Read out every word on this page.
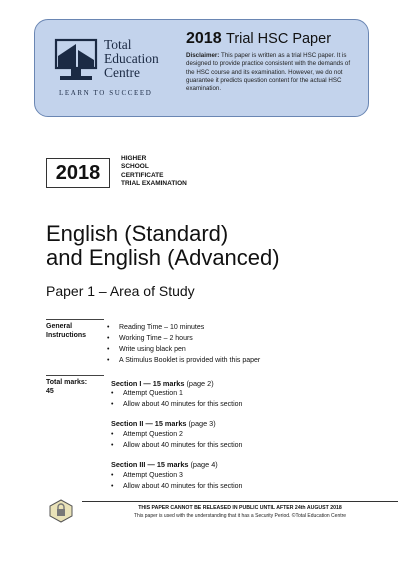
Total
Education
Centre
LEARN TO SUCCEED
2018 Trial HSC Paper
Disclaimer: This paper is written as a trial HSC paper. It is designed to provide practice consistent with the demands of the HSC course and its examination. However, we do not guarantee it predicts question content for the actual HSC examination.
2018
HIGHER
SCHOOL
CERTIFICATE
TRIAL EXAMINATION
English (Standard)
and English (Advanced)
Paper 1 – Area of Study
General
Instructions
• Reading Time – 10 minutes
• Working Time – 2 hours
• Write using black pen
• A Stimulus Booklet is provided with this paper
Total marks:
45
Section I — 15 marks (page 2)
• Attempt Question 1
• Allow about 40 minutes for this section
Section II — 15 marks (page 3)
• Attempt Question 2
• Allow about 40 minutes for this section
Section III — 15 marks (page 4)
• Attempt Question 3
• Allow about 40 minutes for this section
THIS PAPER CANNOT BE RELEASED IN PUBLIC UNTIL AFTER 24th AUGUST 2018
This paper is used with the understanding that it has a Security Period. ©Total Education Centre
